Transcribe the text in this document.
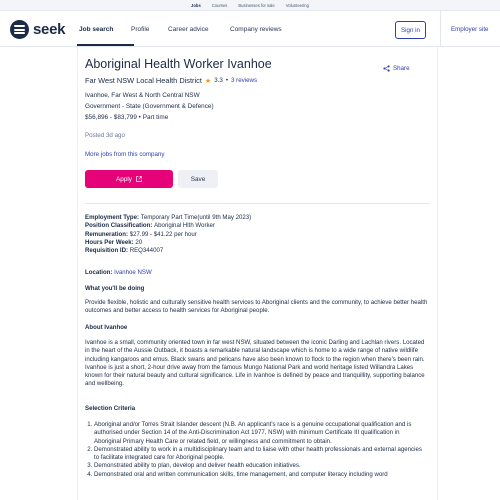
Jobs	Courses	Businesses for sale	Volunteering
seek Job search	Profile	Career advice	Company reviews	Sign in	Employer site
Aboriginal Health Worker Ivanhoe	Share
Far West NSW Local Health District ★ 3.3 • 3 reviews
Ivanhoe, Far West & North Central NSW
Government - State (Government & Defence)
$56,896 - $83,799 • Part time
Posted 3d ago
More jobs from this company
Apply	Save
Employment Type: Temporary Part Time(until 9th May 2023)
Position Classification: Aboriginal Hlth Worker
Remuneration: $27.99 - $41.22 per hour
Hours Per Week: 20
Requisition ID: REQ344007
Location: Ivanhoe NSW
What you'll be doing
Provide flexible, holistic and culturally sensitive health services to Aboriginal clients and the community, to achieve better health outcomes and better access to health services for Aboriginal people.
About Ivanhoe
Ivanhoe is a small, community oriented town in far west NSW, situated between the iconic Darling and Lachlan rivers. Located in the heart of the Aussie Outback, it boasts a remarkable natural landscape which is home to a wide range of native wildlife including kangaroos and emus. Black swans and pelicans have also been known to flock to the region when there's been rain. Ivanhoe is just a short, 2-hour drive away from the famous Mungo National Park and world heritage listed Willandra Lakes known for their natural beauty and cultural significance. Life in Ivanhoe is defined by peace and tranquillity, supporting balance and wellbeing.
Selection Criteria
1. Aboriginal and/or Torres Strait Islander descent (N.B. An applicant's race is a genuine occupational qualification and is authorised under Section 14 of the Anti-Discrimination Act 1977, NSW) with minimum Certificate III qualification in Aboriginal Primary Health Care or related field, or willingness and commitment to obtain.
2. Demonstrated ability to work in a multidisciplinary team and to liaise with other health professionals and external agencies to facilitate integrated care for Aboriginal people.
3. Demonstrated ability to plan, develop and deliver health education initiatives.
4. Demonstrated oral and written communication skills, time management, and computer literacy including word
